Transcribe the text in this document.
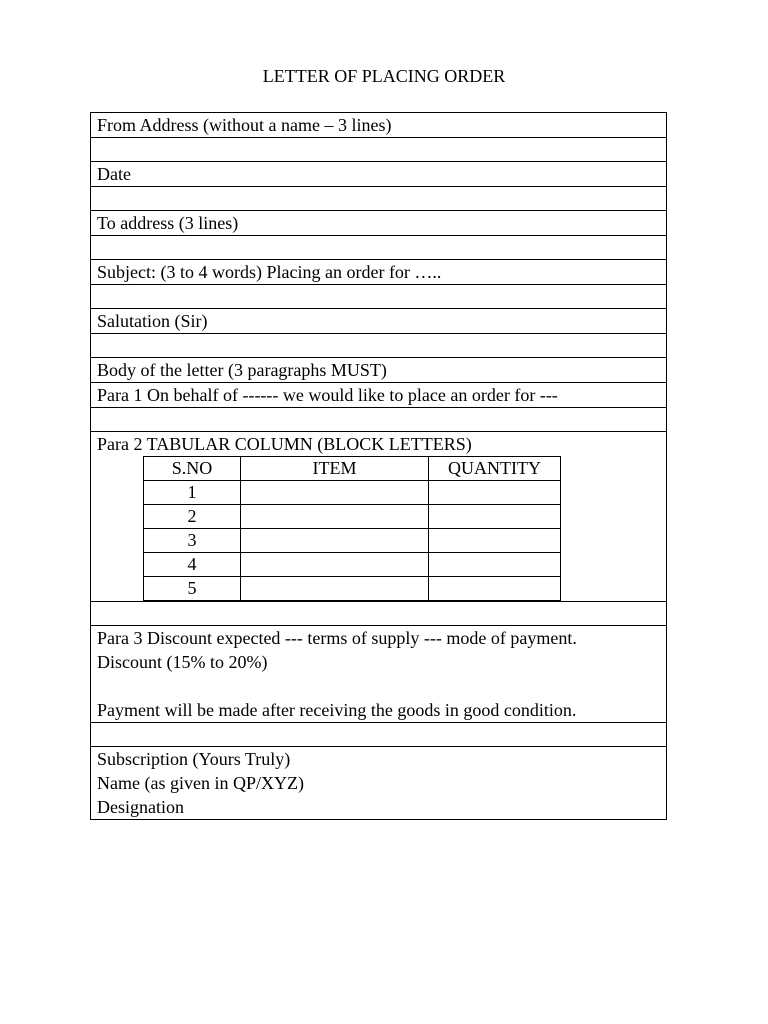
LETTER OF PLACING ORDER
From Address (without a name – 3 lines)

Date

To address (3 lines)

Subject: (3 to 4 words) Placing an order for …..

Salutation (Sir)

Body of the letter (3 paragraphs MUST)
Para 1 On behalf of ------ we would like to place an order for ---

Para 2 TABULAR COLUMN (BLOCK LETTERS)
S.NO	ITEM	QUANTITY
1		
2		
3		
4		
5		

Para 3 Discount expected --- terms of supply --- mode of payment.
Discount (15% to 20%)
Payment will be made after receiving the goods in good condition.

Subscription (Yours Truly)
Name (as given in QP/XYZ)
Designation
